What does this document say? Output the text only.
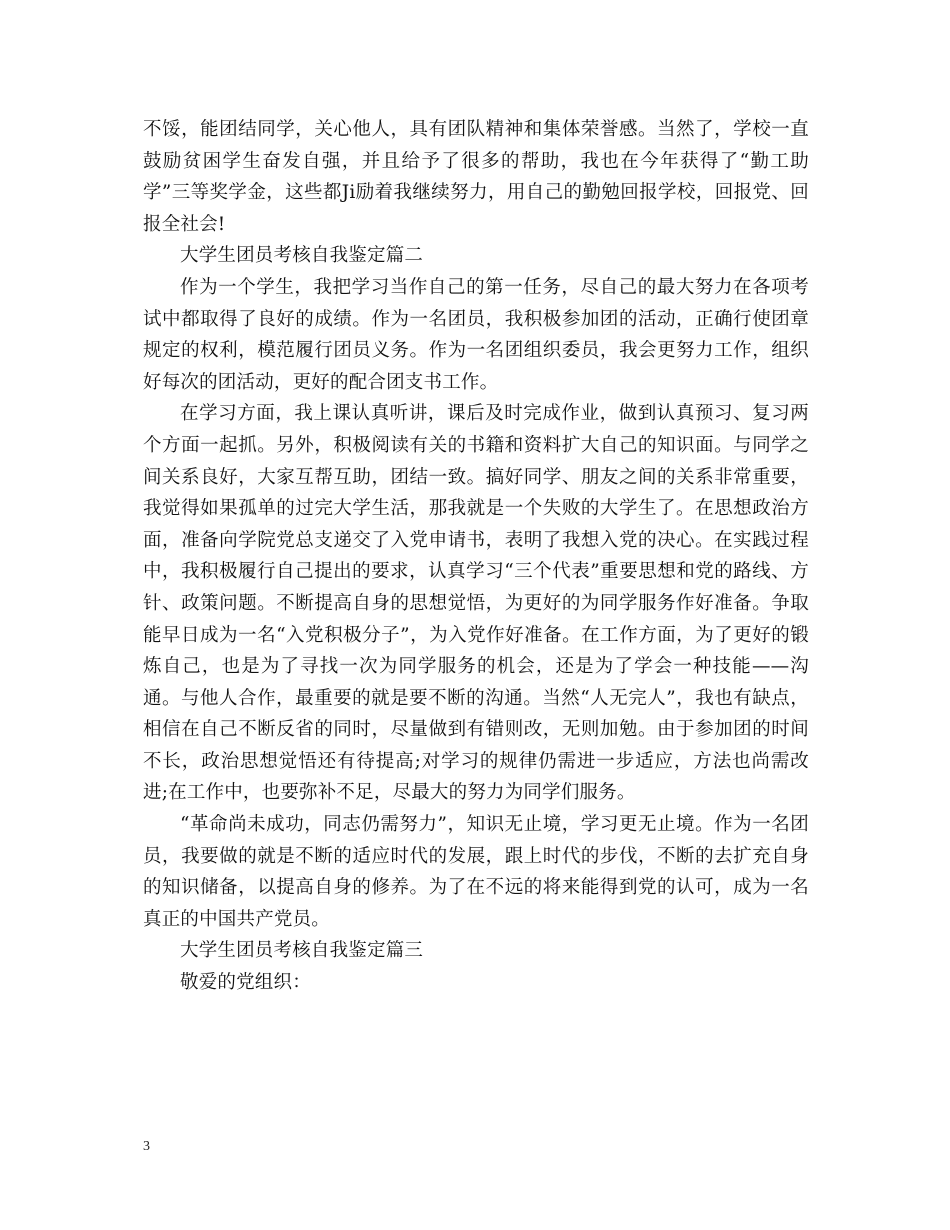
不馁，能团结同学，关心他人，具有团队精神和集体荣誉感。当然了，学校一直鼓励贫困学生奋发自强，并且给予了很多的帮助，我也在今年获得了“勤工助学”三等奖学金，这些都Ji励着我继续努力，用自己的勤勉回报学校，回报党、回报全社会!

大学生团员考核自我鉴定篇二

作为一个学生，我把学习当作自己的第一任务，尽自己的最大努力在各项考试中都取得了良好的成绩。作为一名团员，我积极参加团的活动，正确行使团章规定的权利，模范履行团员义务。作为一名团组织委员，我会更努力工作，组织好每次的团活动，更好的配合团支书工作。

在学习方面，我上课认真听讲，课后及时完成作业，做到认真预习、复习两个方面一起抓。另外，积极阅读有关的书籍和资料扩大自己的知识面。与同学之间关系良好，大家互帮互助，团结一致。搞好同学、朋友之间的关系非常重要，我觉得如果孤单的过完大学生活，那我就是一个失败的大学生了。在思想政治方面，准备向学院党总支递交了入党申请书，表明了我想入党的决心。在实践过程中，我积极履行自己提出的要求，认真学习“三个代表”重要思想和党的路线、方针、政策问题。不断提高自身的思想觉悟，为更好的为同学服务作好准备。争取能早日成为一名“入党积极分子”，为入党作好准备。在工作方面，为了更好的锻炼自己，也是为了寻找一次为同学服务的机会，还是为了学会一种技能——沟通。与他人合作，最重要的就是要不断的沟通。当然“人无完人”，我也有缺点，相信在自己不断反省的同时，尽量做到有错则改，无则加勉。由于参加团的时间不长，政治思想觉悟还有待提高;对学习的规律仍需进一步适应，方法也尚需改进;在工作中，也要弥补不足，尽最大的努力为同学们服务。

“革命尚未成功，同志仍需努力”，知识无止境，学习更无止境。作为一名团员，我要做的就是不断的适应时代的发展，跟上时代的步伐，不断的去扩充自身的知识储备，以提高自身的修养。为了在不远的将来能得到党的认可，成为一名真正的中国共产党员。

大学生团员考核自我鉴定篇三

敬爱的党组织：

3
